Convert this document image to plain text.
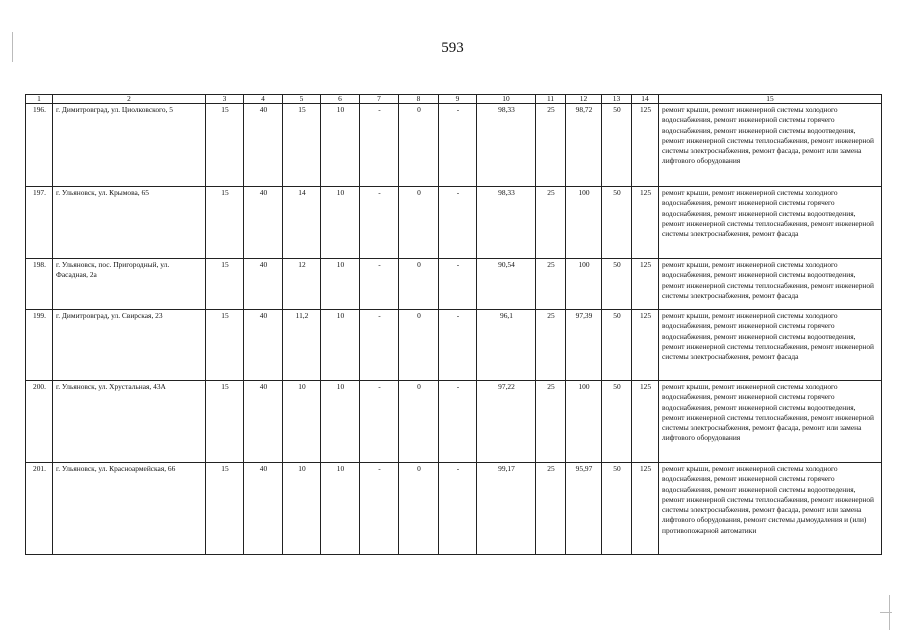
593
1	2	3	4	5	6	7	8	9	10	11	12	13	14	15
196.	г. Димитровград, ул. Циолковского, 5	15	40	15	10	-	0	-	98,33	25	98,72	50	125	ремонт крыши, ремонт инженерной системы холодного водоснабжения, ремонт инженерной системы горячего водоснабжения, ремонт инженерной системы водоотведения, ремонт инженерной системы теплоснабжения, ремонт инженерной системы электроснабжения, ремонт фасада, ремонт или замена лифтового оборудования
197.	г. Ульяновск, ул. Крымова, 65	15	40	14	10	-	0	-	98,33	25	100	50	125	ремонт крыши, ремонт инженерной системы холодного водоснабжения, ремонт инженерной системы горячего водоснабжения, ремонт инженерной системы водоотведения, ремонт инженерной системы теплоснабжения, ремонт инженерной системы электроснабжения, ремонт фасада
198.	г. Ульяновск, пос. Пригородный, ул. Фасадная, 2а	15	40	12	10	-	0	-	90,54	25	100	50	125	ремонт крыши, ремонт инженерной системы холодного водоснабжения, ремонт инженерной системы водоотведения, ремонт инженерной системы теплоснабжения, ремонт инженерной системы электроснабжения, ремонт фасада
199.	г. Димитровград, ул. Свирская, 23	15	40	11,2	10	-	0	-	96,1	25	97,39	50	125	ремонт крыши, ремонт инженерной системы холодного водоснабжения, ремонт инженерной системы горячего водоснабжения, ремонт инженерной системы водоотведения, ремонт инженерной системы теплоснабжения, ремонт инженерной системы электроснабжения, ремонт фасада
200.	г. Ульяновск, ул. Хрустальная, 43А	15	40	10	10	-	0	-	97,22	25	100	50	125	ремонт крыши, ремонт инженерной системы холодного водоснабжения, ремонт инженерной системы горячего водоснабжения, ремонт инженерной системы водоотведения, ремонт инженерной системы теплоснабжения, ремонт инженерной системы электроснабжения, ремонт фасада, ремонт или замена лифтового оборудования
201.	г. Ульяновск, ул. Красноармейская, 66	15	40	10	10	-	0	-	99,17	25	95,97	50	125	ремонт крыши, ремонт инженерной системы холодного водоснабжения, ремонт инженерной системы горячего водоснабжения, ремонт инженерной системы водоотведения, ремонт инженерной системы теплоснабжения, ремонт инженерной системы электроснабжения, ремонт фасада, ремонт или замена лифтового оборудования, ремонт системы дымоудаления и (или) противопожарной автоматики
